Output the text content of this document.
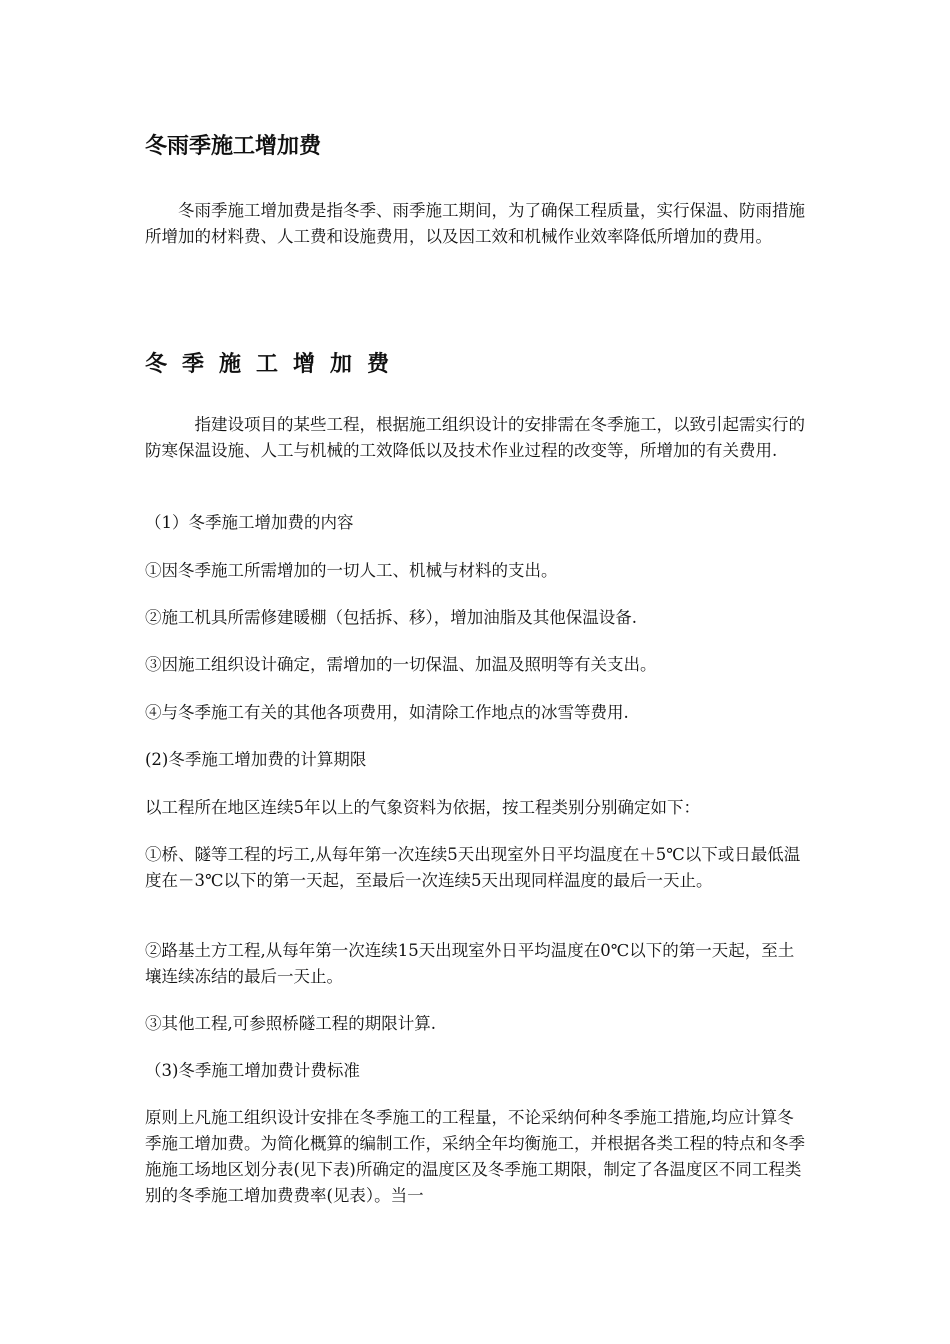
冬雨季施工增加费

　　冬雨季施工增加费是指冬季、雨季施工期间，为了确保工程质量，实行保温、防雨措施所增加的材料费、人工费和设施费用，以及因工效和机械作业效率降低所增加的费用。

冬季施工增加费

　　　指建设项目的某些工程，根据施工组织设计的安排需在冬季施工，以致引起需实行的防寒保温设施、人工与机械的工效降低以及技术作业过程的改变等，所增加的有关费用.

（1）冬季施工增加费的内容

①因冬季施工所需增加的一切人工、机械与材料的支出。

②施工机具所需修建暖棚（包括拆、移），增加油脂及其他保温设备.

③因施工组织设计确定，需增加的一切保温、加温及照明等有关支出。

④与冬季施工有关的其他各项费用，如清除工作地点的冰雪等费用.

(2)冬季施工增加费的计算期限

以工程所在地区连续5年以上的气象资料为依据，按工程类别分别确定如下：

①桥、隧等工程的圬工,从每年第一次连续5天出现室外日平均温度在＋5℃以下或日最低温度在－3℃以下的第一天起，至最后一次连续5天出现同样温度的最后一天止。

②路基土方工程,从每年第一次连续15天出现室外日平均温度在0℃以下的第一天起，至土壤连续冻结的最后一天止。

③其他工程,可参照桥隧工程的期限计算.

（3)冬季施工增加费计费标准

原则上凡施工组织设计安排在冬季施工的工程量，不论采纳何种冬季施工措施,均应计算冬季施工增加费。为简化概算的编制工作，采纳全年均衡施工，并根据各类工程的特点和冬季施施工场地区划分表(见下表)所确定的温度区及冬季施工期限，制定了各温度区不同工程类别的冬季施工增加费费率(见表）。当一
